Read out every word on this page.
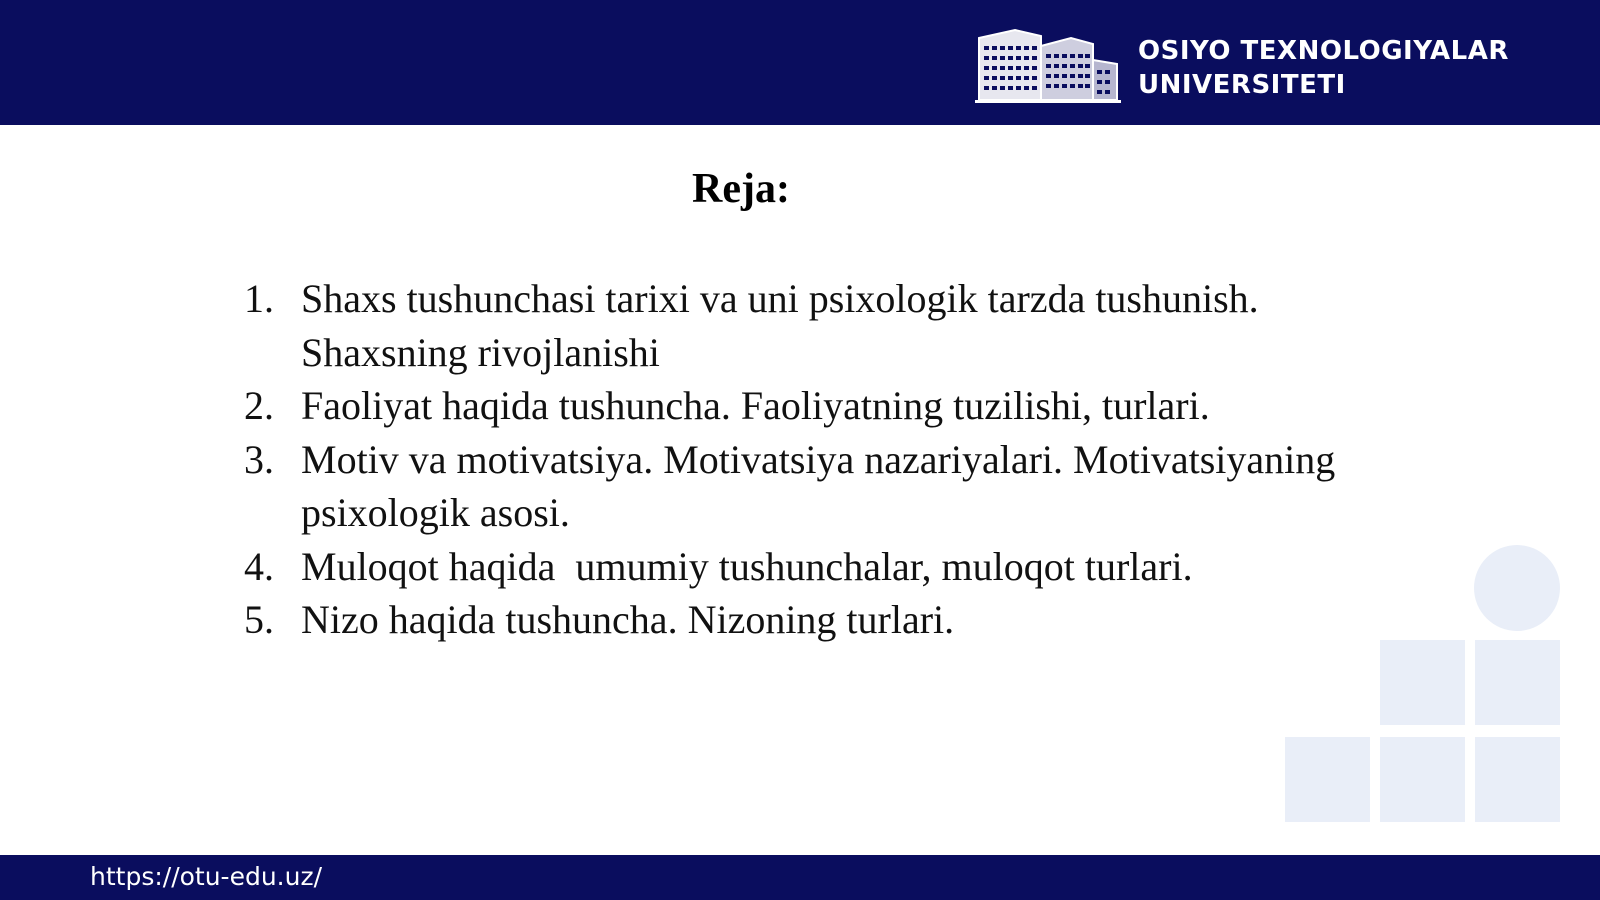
OSIYO TEXNOLOGIYALAR
UNIVERSITETI
Reja:
1. Shaxs tushunchasi tarixi va uni psixologik tarzda tushunish. Shaxsning rivojlanishi
2. Faoliyat haqida tushuncha. Faoliyatning tuzilishi, turlari.
3. Motiv va motivatsiya. Motivatsiya nazariyalari. Motivatsiyaning psixologik asosi.
4. Muloqot haqida  umumiy tushunchalar, muloqot turlari.
5. Nizo haqida tushuncha. Nizoning turlari.
https://otu-edu.uz/
